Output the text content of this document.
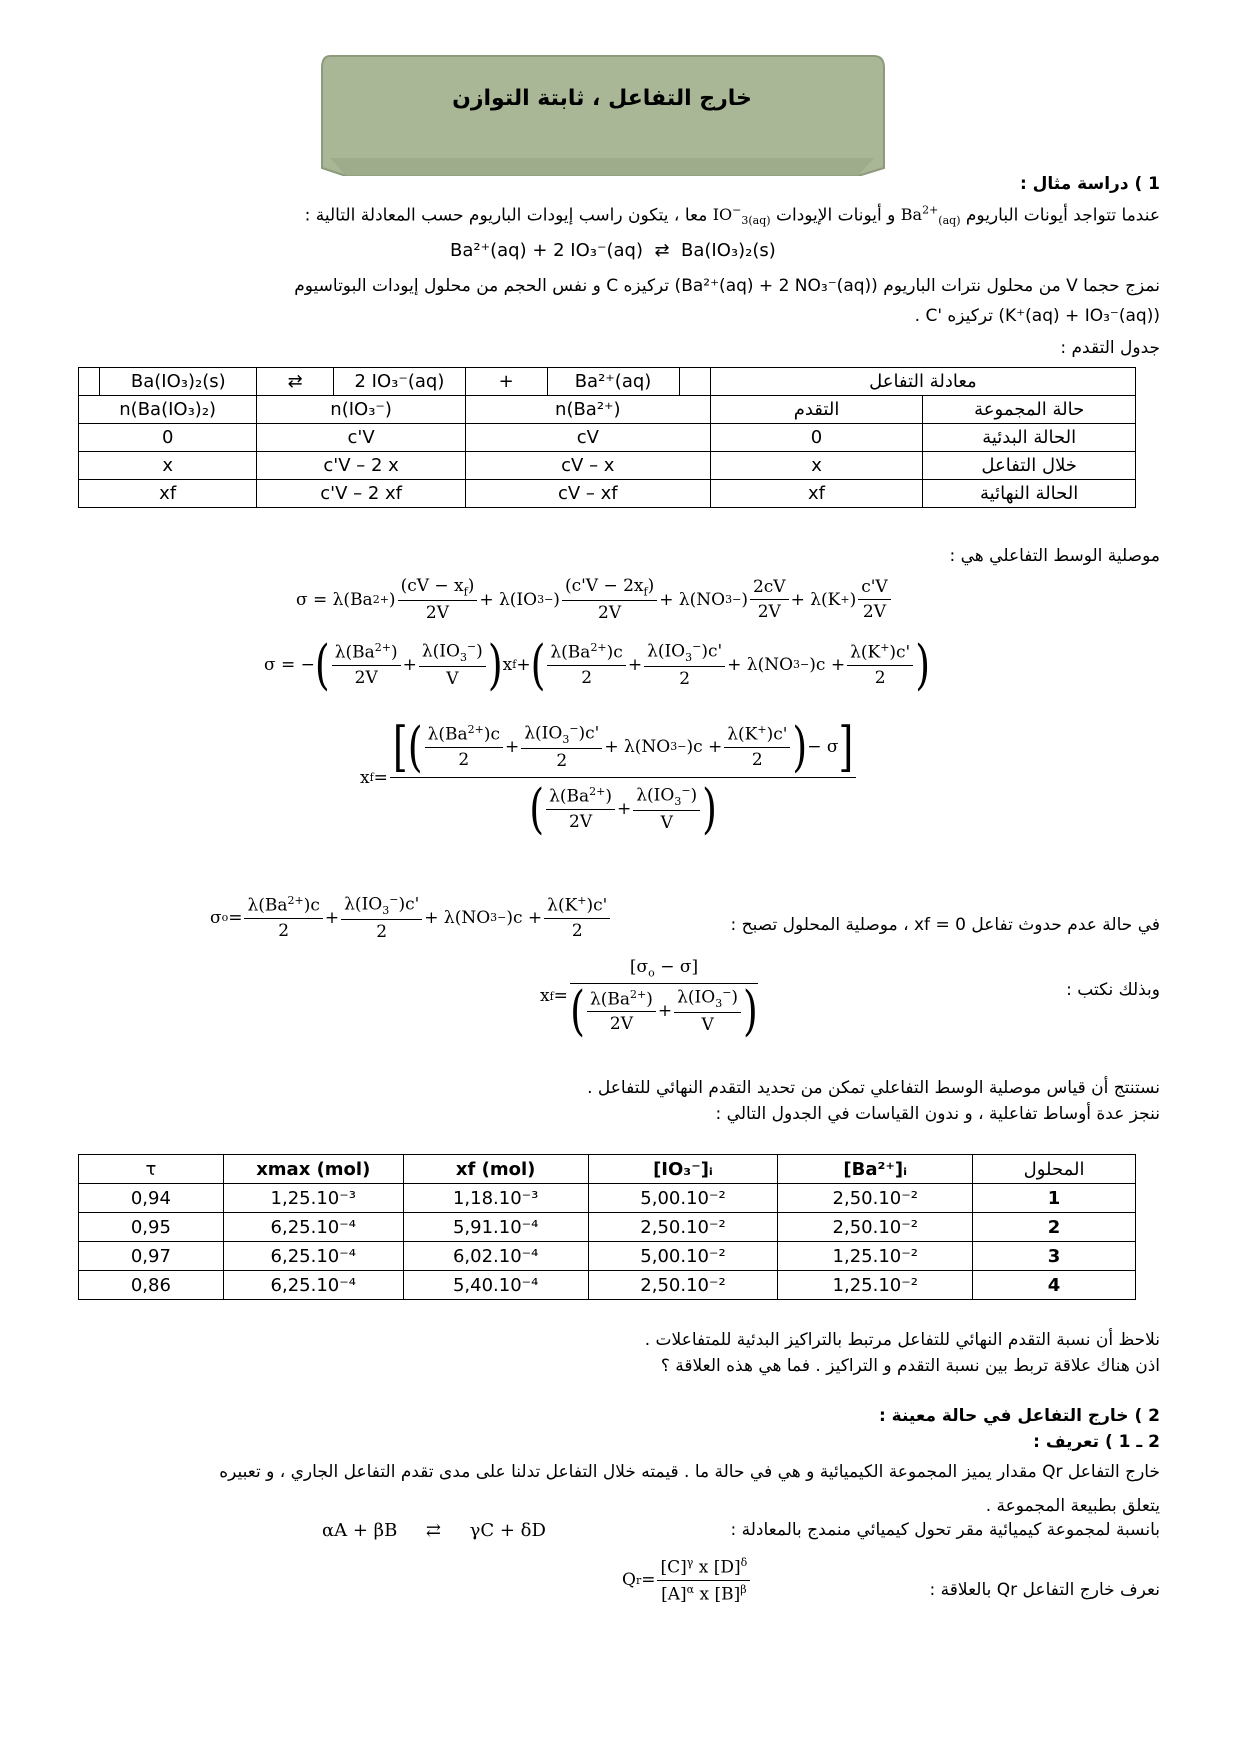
خارج التفاعل ، ثابتة التوازن
1 ) دراسة مثال :
عندما تتواجد أيونات الباريوم $Ba^{2+}_{(aq)}$ و أيونات الإيودات $IO^-_{3(aq)}$ معا ، يتكون راسب إيودات الباريوم حسب المعادلة التالية :
Ba²⁺(aq) + 2 IO₃⁻(aq) ⇄ Ba(IO₃)₂(s)
نمزج حجما V من محلول نترات الباريوم (Ba²⁺(aq) + 2 NO₃⁻(aq)) تركيزه C و نفس الحجم من محلول إيودات البوتاسيوم
(K⁺(aq) + IO₃⁻(aq)) تركيزه 'C .
جدول التقدم :
	Ba(IO₃)₂(s)	⇄	2 IO₃⁻(aq)	+	Ba²⁺(aq)		معادلة التفاعل	
n(Ba(IO₃)₂)		n(IO₃⁻)		n(Ba²⁺)			التقدم	حالة المجموعة
0		c'V		cV			0	الحالة البدئية
x		c'V – 2 x		cV – x			x	خلال التفاعل
xf		c'V – 2 xf		cV – xf			xf	الحالة النهائية
موصلية الوسط التفاعلي هي :
σ = λ(Ba 2+ ) $\frac{(cV - x_f)}{2V} + \lambda(IO$ 3 − ) $\frac{(c'V - 2x_f)}{2V} + \lambda(NO$ 3 − ) $\frac{2cV}{2V} + \lambda(K$ + ) $\frac{c'V}{2V}$
σ = − ( $\frac{\lambda(Ba^{2+})}{2V} + \frac{\lambda(IO_3^-)}{V}$ ) x f + ( $\frac{\lambda(Ba^{2+})c}{2} + \frac{\lambda(IO_3^-)c'}{2} + \lambda(NO$ $3 - )c + \frac{\lambda(K^+)c'}{2}$ )
x f =
[( $\frac{\lambda(Ba^{2+})c}{2} + \frac{\lambda(IO_3^-)c'}{2} + \lambda(NO$ $3 - )c + \frac{\lambda(K^+)c'}{2}$ ) − σ ]
( $\frac{\lambda(Ba^{2+})}{2V} + \frac{\lambda(IO_3^-)}{V}$ )
في حالة عدم حدوث تفاعل xf = 0 ، موصلية المحلول تصبح :
σ $o = \frac{\lambda(Ba^{2+})c}{2} + \frac{\lambda(IO_3^-)c'}{2} + \lambda(NO$ $3 - )c + \frac{\lambda(K^+)c'}{2}$
وبذلك نكتب :
x $f = \frac{[\sigma_o - \sigma]}{( \frac{\lambda(Ba^{2+})}{2V} + \frac{\lambda(IO_3^-)}{V} )}$
نستنتج أن قياس موصلية الوسط التفاعلي تمكن من تحديد التقدم النهائي للتفاعل .
ننجز عدة أوساط تفاعلية ، و ندون القياسات في الجدول التالي :
τ	xmax (mol)	xf (mol)	[IO₃⁻]ᵢ	[Ba²⁺]ᵢ	المحلول
0,94	1,25.10⁻³	1,18.10⁻³	5,00.10⁻²	2,50.10⁻²	1
0,95	6,25.10⁻⁴	5,91.10⁻⁴	2,50.10⁻²	2,50.10⁻²	2
0,97	6,25.10⁻⁴	6,02.10⁻⁴	5,00.10⁻²	1,25.10⁻²	3
0,86	6,25.10⁻⁴	5,40.10⁻⁴	2,50.10⁻²	1,25.10⁻²	4
نلاحظ أن نسبة التقدم النهائي للتفاعل مرتبط بالتراكيز البدئية للمتفاعلات .
اذن هناك علاقة تربط بين نسبة التقدم و التراكيز . فما هي هذه العلاقة ؟
2 ) خارج التفاعل في حالة معينة :
2 ـ 1 ) تعريف :
خارج التفاعل Qr مقدار يميز المجموعة الكيميائية و هي في حالة ما . قيمته خلال التفاعل تدلنا على مدى تقدم التفاعل الجاري ، و تعبيره
يتعلق بطبيعة المجموعة .
بانسبة لمجموعة كيميائية مقر تحول كيميائي منمدج بالمعادلة :
αA + βB     ⇄     γC + δD
نعرف خارج التفاعل Qr بالعلاقة :
Q $r = \frac{[C]^\gamma x [D]^\delta}{[A]^\alpha x [B]^\beta}$
